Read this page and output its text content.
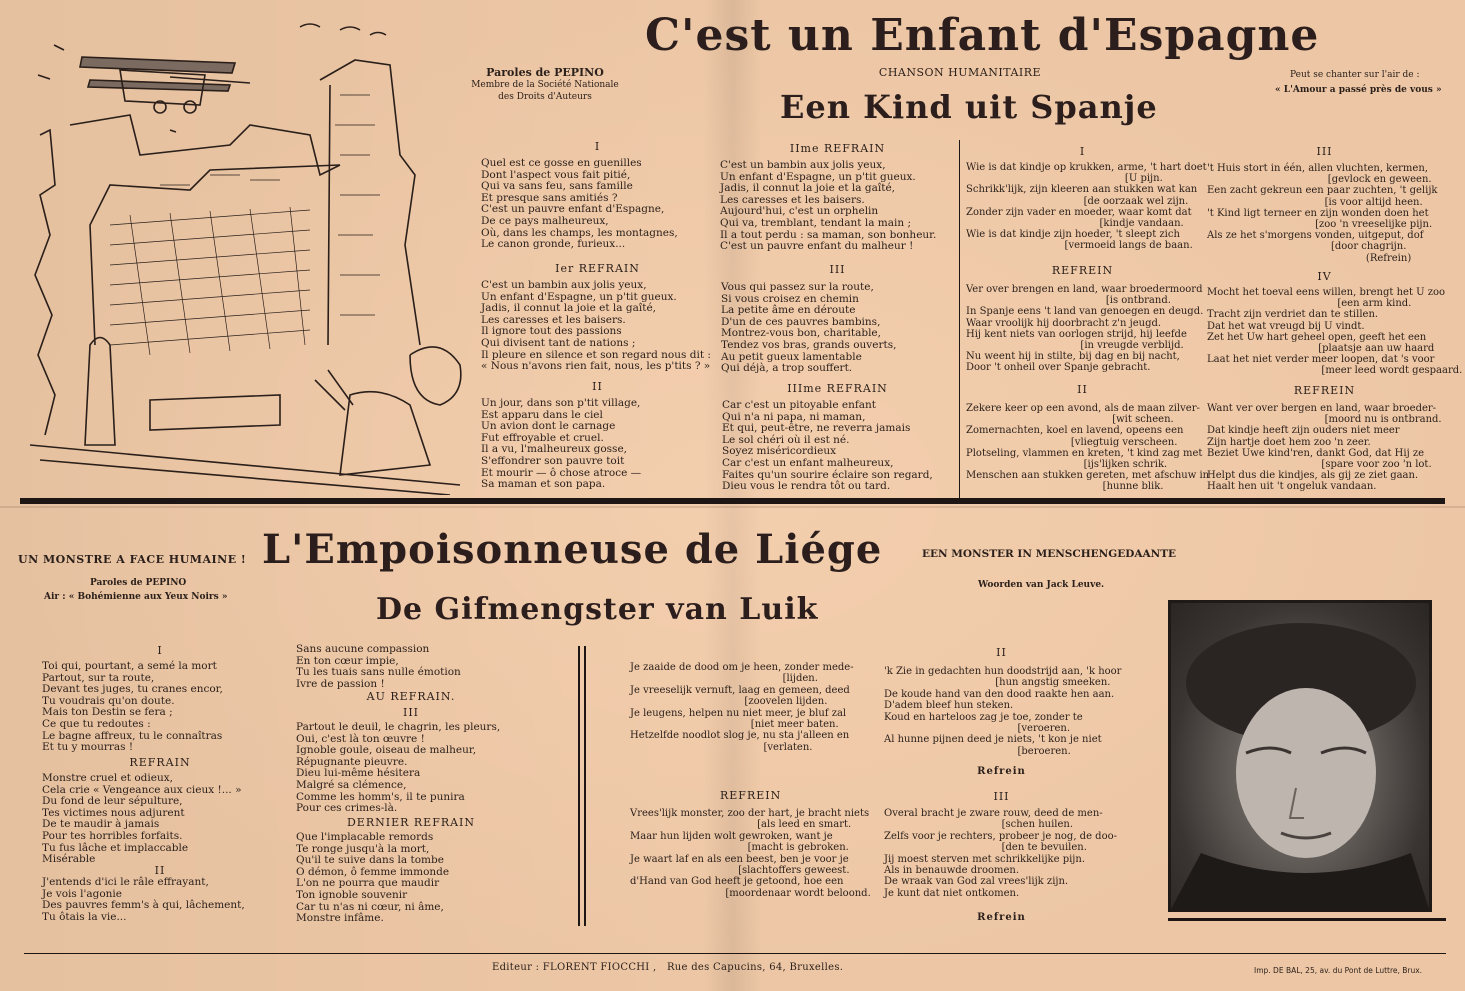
Paroles de PEPINO
Membre de la Société Nationale
des Droits d'Auteurs
C'est un Enfant d'Espagne
CHANSON HUMANITAIRE
Een Kind uit Spanje
Peut se chanter sur l'air de :
« L'Amour a passé près de vous »
I
Quel est ce gosse en guenilles
Dont l'aspect vous fait pitié,
Qui va sans feu, sans famille
Et presque sans amitiés ?
C'est un pauvre enfant d'Espagne,
De ce pays malheureux,
Où, dans les champs, les montagnes,
Le canon gronde, furieux...
Ier REFRAIN
C'est un bambin aux jolis yeux,
Un enfant d'Espagne, un p'tit gueux.
Jadis, il connut la joie et la gaîté,
Les caresses et les baisers.
Il ignore tout des passions
Qui divisent tant de nations ;
Il pleure en silence et son regard nous dit :
« Nous n'avons rien fait, nous, les p'tits ? »
II
Un jour, dans son p'tit village,
Est apparu dans le ciel
Un avion dont le carnage
Fut effroyable et cruel.
Il a vu, l'malheureux gosse,
S'effondrer son pauvre toit
Et mourir — ô chose atroce —
Sa maman et son papa.
IIme REFRAIN
C'est un bambin aux jolis yeux,
Un enfant d'Espagne, un p'tit gueux.
Jadis, il connut la joie et la gaîté,
Les caresses et les baisers.
Aujourd'hui, c'est un orphelin
Qui va, tremblant, tendant la main ;
Il a tout perdu : sa maman, son bonheur.
C'est un pauvre enfant du malheur !
III
Vous qui passez sur la route,
Si vous croisez en chemin
La petite âme en déroute
D'un de ces pauvres bambins,
Montrez-vous bon, charitable,
Tendez vos bras, grands ouverts,
Au petit gueux lamentable
Qui déjà, a trop souffert.
IIIme REFRAIN
Car c'est un pitoyable enfant
Qui n'a ni papa, ni maman,
Et qui, peut-être, ne reverra jamais
Le sol chéri où il est né.
Soyez miséricordieux
Car c'est un enfant malheureux,
Faites qu'un sourire éclaire son regard,
Dieu vous le rendra tôt ou tard.
I
Wie is dat kindje op krukken, arme, 't hart doet
[U pijn.
Schrikk'lijk, zijn kleeren aan stukken wat kan
[de oorzaak wel zijn.
Zonder zijn vader en moeder, waar komt dat
[kindje vandaan.
Wie is dat kindje zijn hoeder, 't sleept zich
[vermoeid langs de baan.
REFREIN
Ver over brengen en land, waar broedermoord
[is ontbrand.
In Spanje eens 't land van genoegen en deugd.
Waar vroolijk hij doorbracht z'n jeugd.
Hij kent niets van oorlogen strijd, hij leefde
[in vreugde verblijd.
Nu weent hij in stilte, bij dag en bij nacht,
Door 't onheil over Spanje gebracht.
II
Zekere keer op een avond, als de maan zilver-
[wit scheen.
Zomernachten, koel en lavend, opeens een
[vliegtuig verscheen.
Plotseling, vlammen en kreten, 't kind zag met
[ijs'lijken schrik.
Menschen aan stukken gereten, met afschuw in
[hunne blik.
III
't Huis stort in één, allen vluchten, kermen,
[gevlock en geween.
Een zacht gekreun een paar zuchten, 't gelijk
[is voor altijd heen.
't Kind ligt terneer en zijn wonden doen het
[zoo 'n vreeselijke pijn.
Als ze het s'morgens vonden, uitgeput, dof
[door chagrijn.
(Refrein)
IV
Mocht het toeval eens willen, brengt het U zoo
[een arm kind.
Tracht zijn verdriet dan te stillen.
Dat het wat vreugd bij U vindt.
Zet het Uw hart geheel open, geeft het een
[plaatsje aan uw haard
Laat het niet verder meer loopen, dat 's voor
[meer leed wordt gespaard.
REFREIN
Want ver over bergen en land, waar broeder-
[moord nu is ontbrand.
Dat kindje heeft zijn ouders niet meer
Zijn hartje doet hem zoo 'n zeer.
Beziet Uwe kind'ren, dankt God, dat Hij ze
[spare voor zoo 'n lot.
Helpt dus die kindjes, als gij ze ziet gaan.
Haalt hen uit 't ongeluk vandaan.
UN MONSTRE A FACE HUMAINE ! L'Empoisonneuse de Liége	EEN MONSTER IN MENSCHENGEDAANTE
De Gifmengster van Luik
Paroles de PEPINO
Air : « Bohémienne aux Yeux Noirs »
Woorden van Jack Leuve.
I
Toi qui, pourtant, a semé la mort
Partout, sur ta route,
Devant tes juges, tu cranes encor,
Tu voudrais qu'on doute.
Mais ton Destin se fera ;
Ce que tu redoutes :
Le bagne affreux, tu le connaîtras
Et tu y mourras !
REFRAIN
Monstre cruel et odieux,
Cela crie « Vengeance aux cieux !... »
Du fond de leur sépulture,
Tes victimes nous adjurent
De te maudir à jamais
Pour tes horribles forfaits.
Tu fus lâche et implaccable
Misérable
II
J'entends d'ici le râle effrayant,
Je vois l'agonie
Des pauvres femm's à qui, lâchement,
Tu ôtais la vie...
Sans aucune compassion
En ton cœur impie,
Tu les tuais sans nulle émotion
Ivre de passion !
AU REFRAIN.
III
Partout le deuil, le chagrin, les pleurs,
Oui, c'est là ton œuvre !
Ignoble goule, oiseau de malheur,
Répugnante pieuvre.
Dieu lui-même hésitera
Malgré sa clémence,
Comme les homm's, il te punira
Pour ces crimes-là.
DERNIER REFRAIN
Que l'implacable remords
Te ronge jusqu'à la mort,
Qu'il te suive dans la tombe
O démon, ô femme immonde
L'on ne pourra que maudir
Ton ignoble souvenir
Car tu n'as ni cœur, ni âme,
Monstre infâme.
Je zaaide de dood om je heen, zonder mede-
[lijden.
Je vreeselijk vernuft, laag en gemeen, deed
[zoovelen lijden.
Je leugens, helpen nu niet meer, je bluf zal
[niet meer baten.
Hetzelfde noodlot slog je, nu sta j'alleen en
[verlaten.
REFREIN
Vrees'lijk monster, zoo der hart, je bracht niets
[als leed en smart.
Maar hun lijden wolt gewroken, want je
[macht is gebroken.
Je waart laf en als een beest, ben je voor je
[slachtoffers geweest.
d'Hand van God heeft je getoond, hoe een
[moordenaar wordt beloond.
II
'k Zie in gedachten hun doodstrijd aan, 'k hoor
[hun angstig smeeken.
De koude hand van den dood raakte hen aan.
D'adem bleef hun steken.
Koud en harteloos zag je toe, zonder te
[veroeren.
Al hunne pijnen deed je niets, 't kon je niet
[beroeren.
Refrein
III
Overal bracht je zware rouw, deed de men-
[schen huilen.
Zelfs voor je rechters, probeer je nog, de doo-
[den te bevuilen.
Jij moest sterven met schrikkelijke pijn.
Als in benauwde droomen.
De wraak van God zal vrees'lijk zijn.
Je kunt dat niet ontkomen.
Refrein
Editeur : FLORENT FIOCCHI ,   Rue des Capucins, 64, Bruxelles.	Imp. DE BAL, 25, av. du Pont de Luttre, Brux.
